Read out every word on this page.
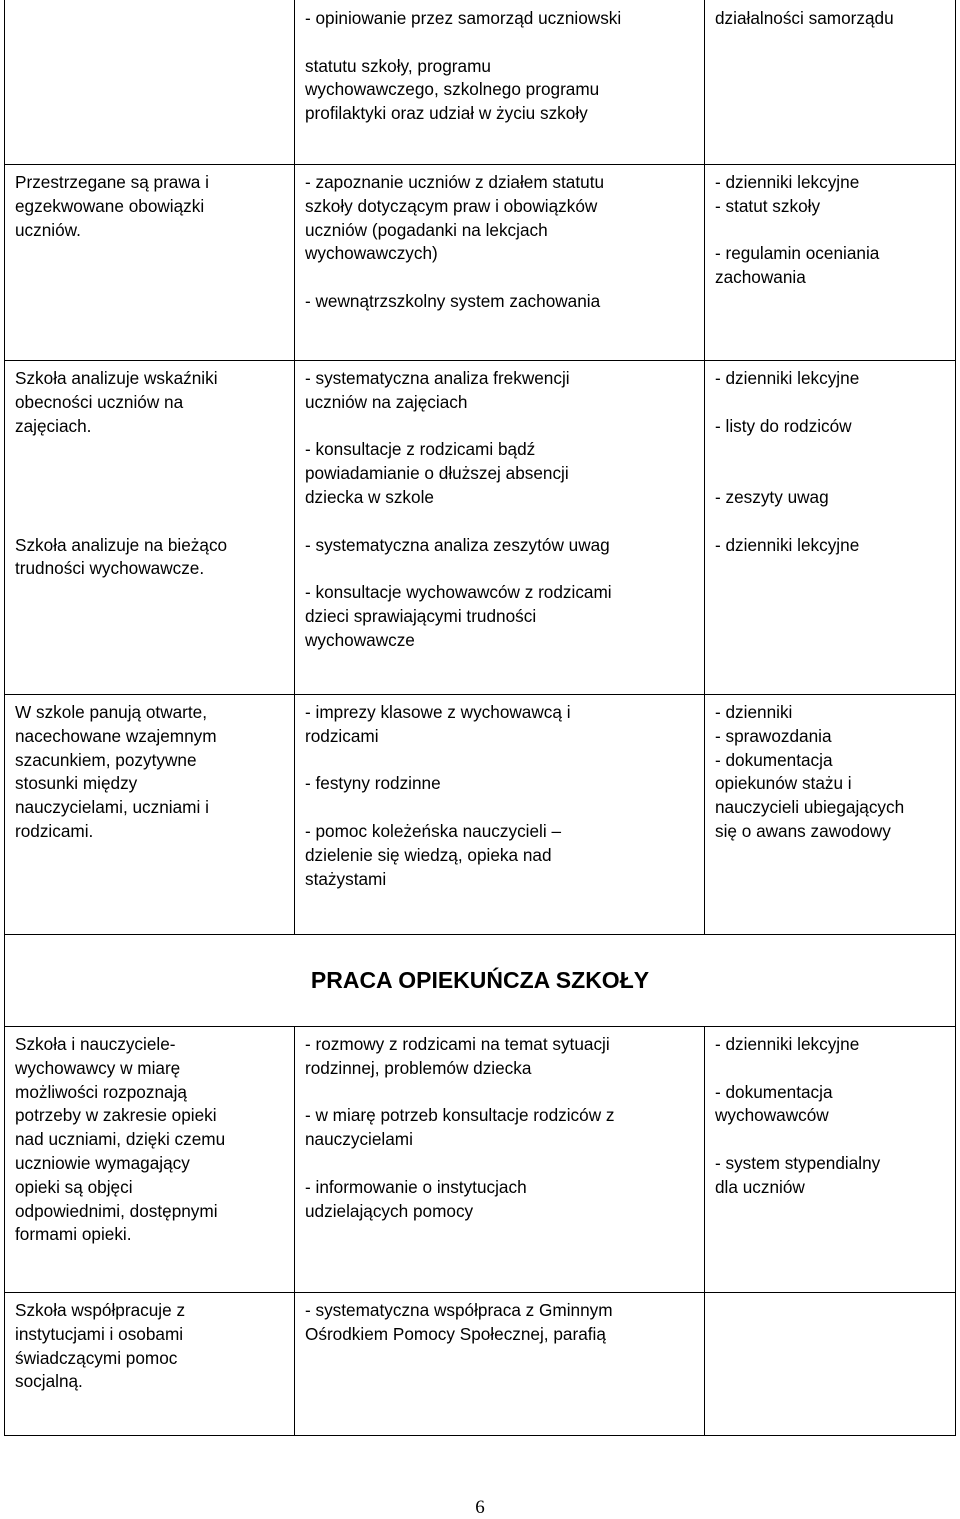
- opiniowanie przez samorząd uczniowski

statutu szkoły, programu
wychowawczego, szkolnego programu
profilaktyki oraz udział w życiu szkoły

działalności samorządu

Przestrzegane są prawa i
egzekwowane obowiązki
uczniów.

- zapoznanie uczniów z działem statutu
szkoły dotyczącym praw i obowiązków
uczniów (pogadanki na lekcjach
wychowawczych)

- wewnątrzszkolny system zachowania

- dzienniki lekcyjne
- statut szkoły

- regulamin oceniania
zachowania

Szkoła analizuje wskaźniki
obecności uczniów na
zajęciach.

Szkoła analizuje na bieżąco
trudności wychowawcze.

- systematyczna analiza frekwencji
uczniów na zajęciach

- konsultacje z rodzicami bądź
powiadamianie o dłuższej absencji
dziecka w szkole

- systematyczna analiza zeszytów uwag

- konsultacje wychowawców z rodzicami
dzieci sprawiającymi trudności
wychowawcze

- dzienniki lekcyjne

- listy do rodziców

- zeszyty uwag

- dzienniki lekcyjne

W szkole panują otwarte,
nacechowane wzajemnym
szacunkiem, pozytywne
stosunki między
nauczycielami, uczniami i
rodzicami.

- imprezy klasowe z wychowawcą i
rodzicami

- festyny rodzinne

- pomoc koleżeńska nauczycieli –
dzielenie się wiedzą, opieka nad
stażystami

- dzienniki
- sprawozdania
- dokumentacja
opiekunów stażu i
nauczycieli ubiegających
się o awans zawodowy

Szkoła i nauczyciele-
wychowawcy w miarę
możliwości rozpoznają
potrzeby w zakresie opieki
nad uczniami, dzięki czemu
uczniowie wymagający
opieki są objęci
odpowiednimi, dostępnymi
formami opieki.

- rozmowy z rodzicami na temat sytuacji
rodzinnej, problemów dziecka

- w miarę potrzeb konsultacje rodziców z
nauczycielami

- informowanie o instytucjach
udzielających pomocy

- dzienniki lekcyjne

- dokumentacja
wychowawców

- system stypendialny
dla uczniów

Szkoła współpracuje z
instytucjami i osobami
świadczącymi pomoc
socjalną.

- systematyczna współpraca z Gminnym
Ośrodkiem Pomocy Społecznej, parafią

PRACA OPIEKUŃCZA SZKOŁY
6
